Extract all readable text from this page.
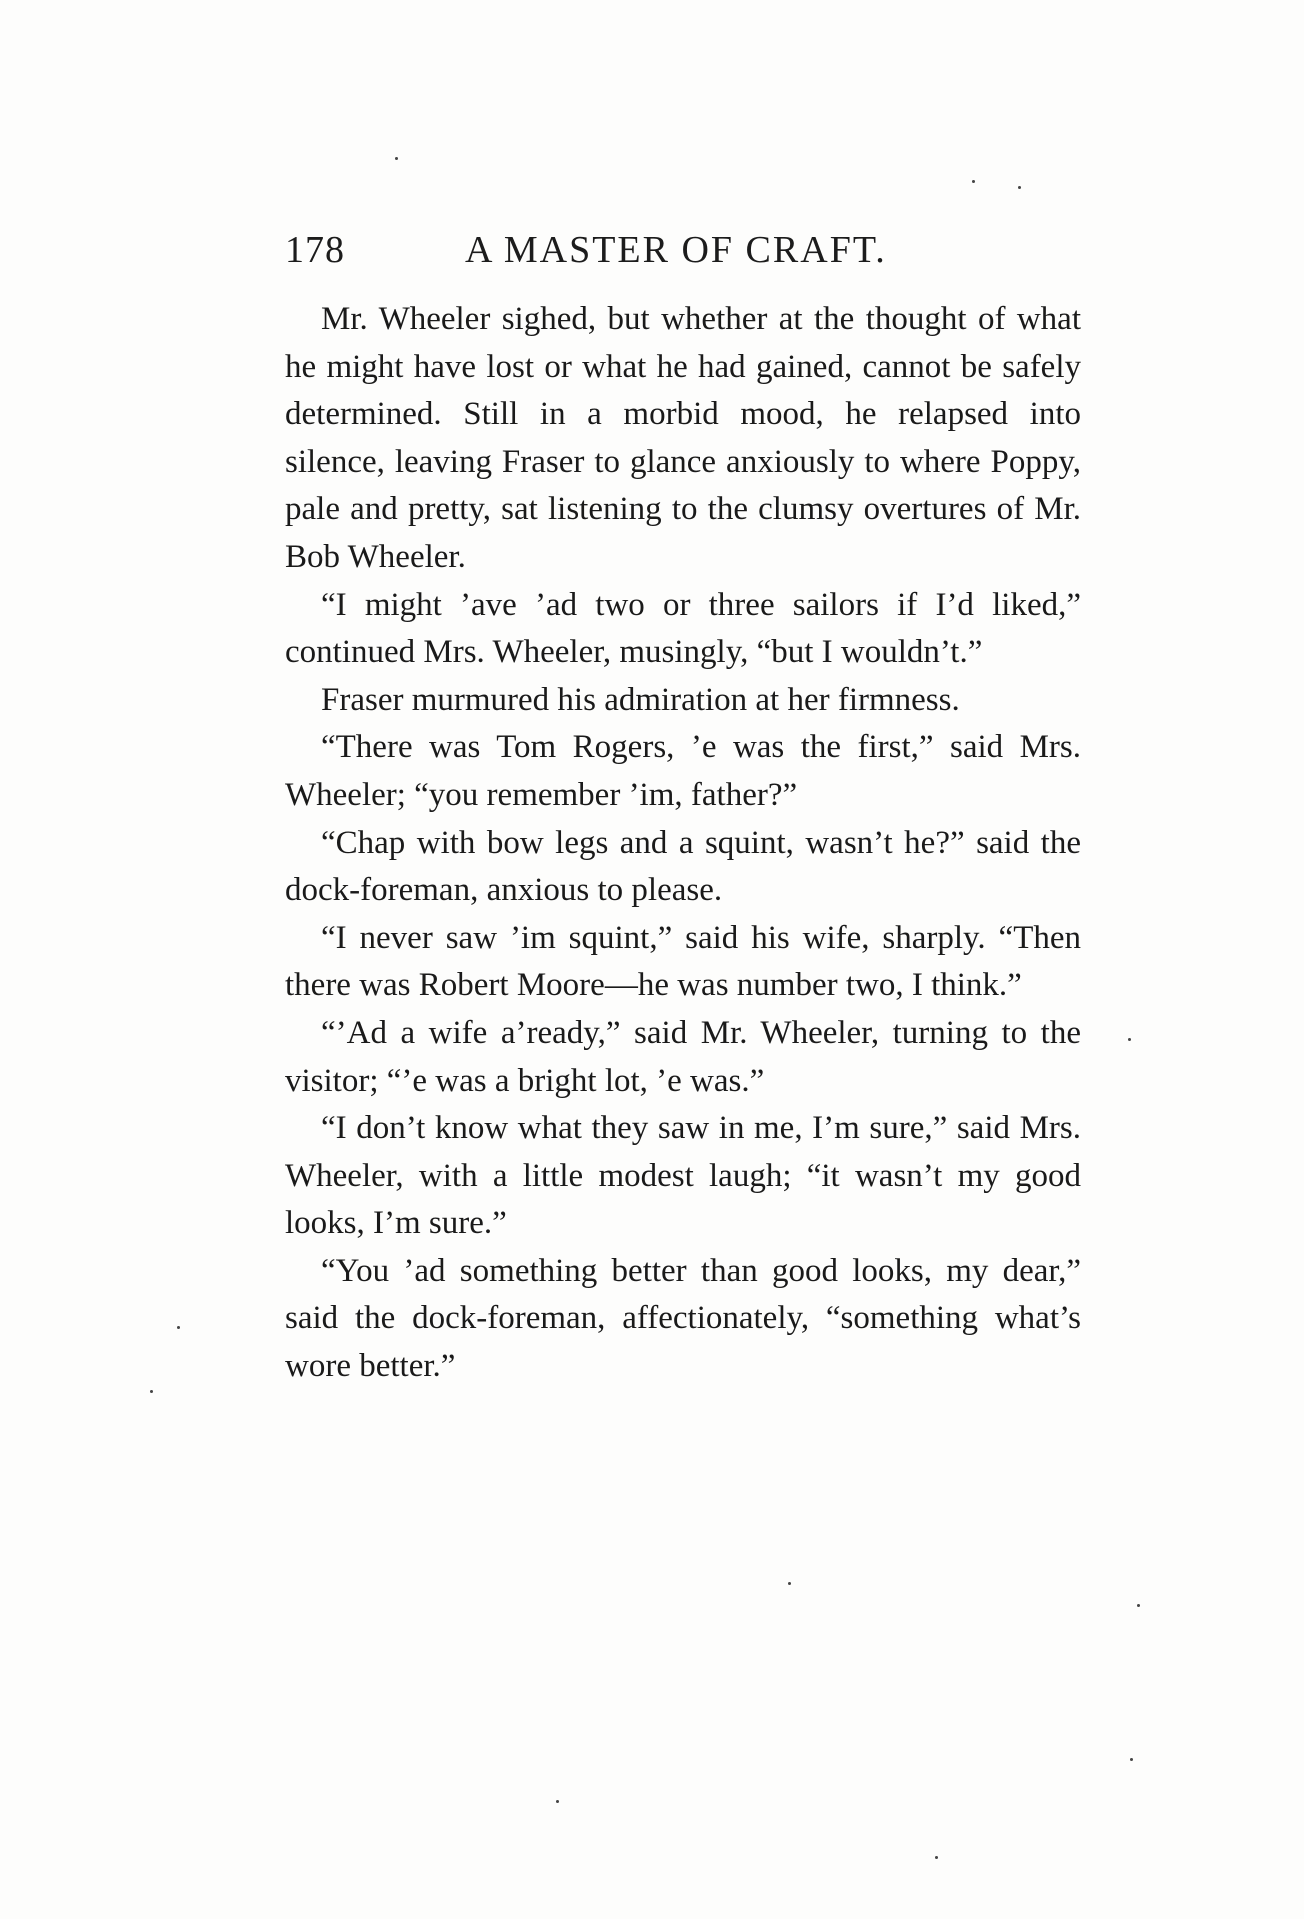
178	A MASTER OF CRAFT.

Mr. Wheeler sighed, but whether at the thought of what he might have lost or what he had gained, cannot be safely determined. Still in a morbid mood, he relapsed into silence, leaving Fraser to glance anxiously to where Poppy, pale and pretty, sat listening to the clumsy overtures of Mr. Bob Wheeler.

“I might ’ave ’ad two or three sailors if I’d liked,” continued Mrs. Wheeler, musingly, “but I wouldn’t.”

Fraser murmured his admiration at her firmness.

“There was Tom Rogers, ’e was the first,” said Mrs. Wheeler; “you remember ’im, father?”

“Chap with bow legs and a squint, wasn’t he?” said the dock-foreman, anxious to please.

“I never saw ’im squint,” said his wife, sharply. “Then there was Robert Moore—he was number two, I think.”

“’Ad a wife a’ready,” said Mr. Wheeler, turning to the visitor; “’e was a bright lot, ’e was.”

“I don’t know what they saw in me, I’m sure,” said Mrs. Wheeler, with a little modest laugh; “it wasn’t my good looks, I’m sure.”

“You ’ad something better than good looks, my dear,” said the dock-foreman, affectionately, “something what’s wore better.”
